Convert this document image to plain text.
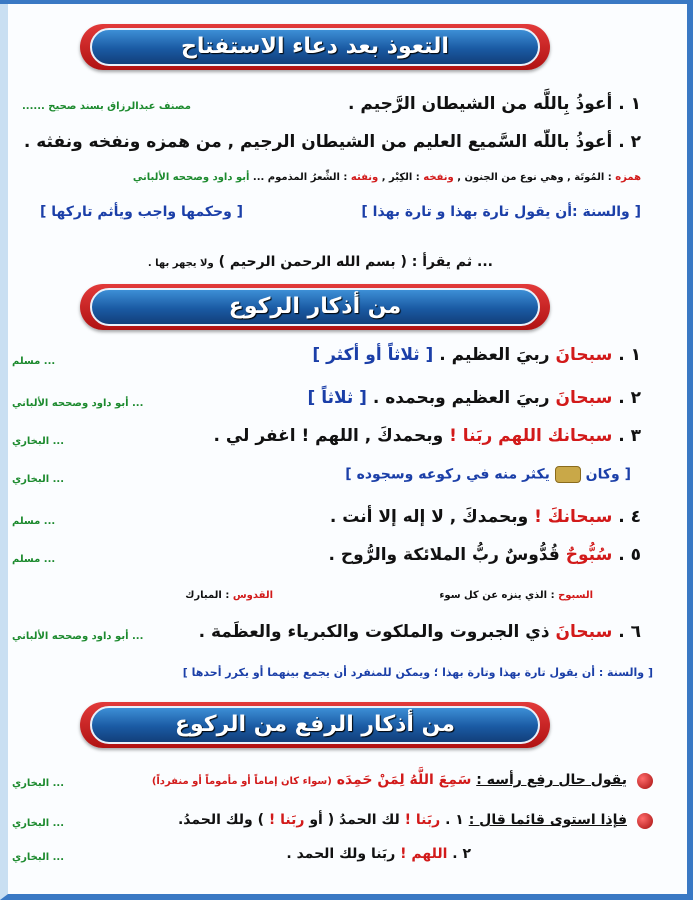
التعوذ بعد دعاء الاستفتاح
١ . أعوذُ بِاللَّه من الشيطان الرَّجيم .
مصنف عبدالرزاق بسند صحيح ......
٢ . أعوذُ باللّه السَّميع العليم من الشيطان الرجيم , من همزه ونفخه ونفثه .
همزه : المُوتَة , وهي نوع من الجنون , ونفخه : الكِبْر , ونفثه : الشِّعرُ المذموم ... أبو داود وصححه الألباني
[ والسنة :أن يقول تارة بهذا و تارة بهذا ]
[ وحكمها واجب ويأثم تاركها ]
... ثم يقرأ : ( بسم الله الرحمن الرحيم ) ولا يجهر بها .
من أذكار الركوع
١ . سبحانَ ربيَ العظيم . [ ثلاثاً أو أكثر ]
... مسلم
٢ . سبحانَ ربيَ العظيم وبحمده . [ ثلاثاً ]
... أبو داود وصححه الألباني
٣ . سبحانك اللهم ربَنا ! وبحمدكَ , اللهم ! اغفر لي .
... البخاري
[ وكان  يكثر منه في ركوعه وسجوده ]
... البخاري
٤ . سبحانكَ ! وبحمدكَ , لا إله إلا أنت .
... مسلم
٥ . سُبُّوحٌ قُدُّوسٌ ربُّ الملائكة والرُّوح .
... مسلم
السبوح : الذي ينزه عن كل سوء
القدوس : المبارك
٦ . سبحانَ ذي الجبروت والملكوت والكبرياء والعظَمة .
... أبو داود وصححه الألباني
[ والسنة : أن يقول تارة بهذا وتارة بهذا ؛ ويمكن للمنفرد أن يجمع بينهما أو يكرر أحدها ]
من أذكار الرفع من الركوع
يقول حال رفع رأسه : سَمِعَ اللَّهُ لِمَنْ حَمِدَه (سواء كان إماماً أو مأموماً أو منفرداً)
... البخاري
فإذا استوى قائما قال : ١ . ربَنا ! لك الحمدُ ( أو ربَنا ! ) ولك الحمدُ.
... البخاري
٢ . اللهم ! ربَنا ولك الحمد .
... البخاري
